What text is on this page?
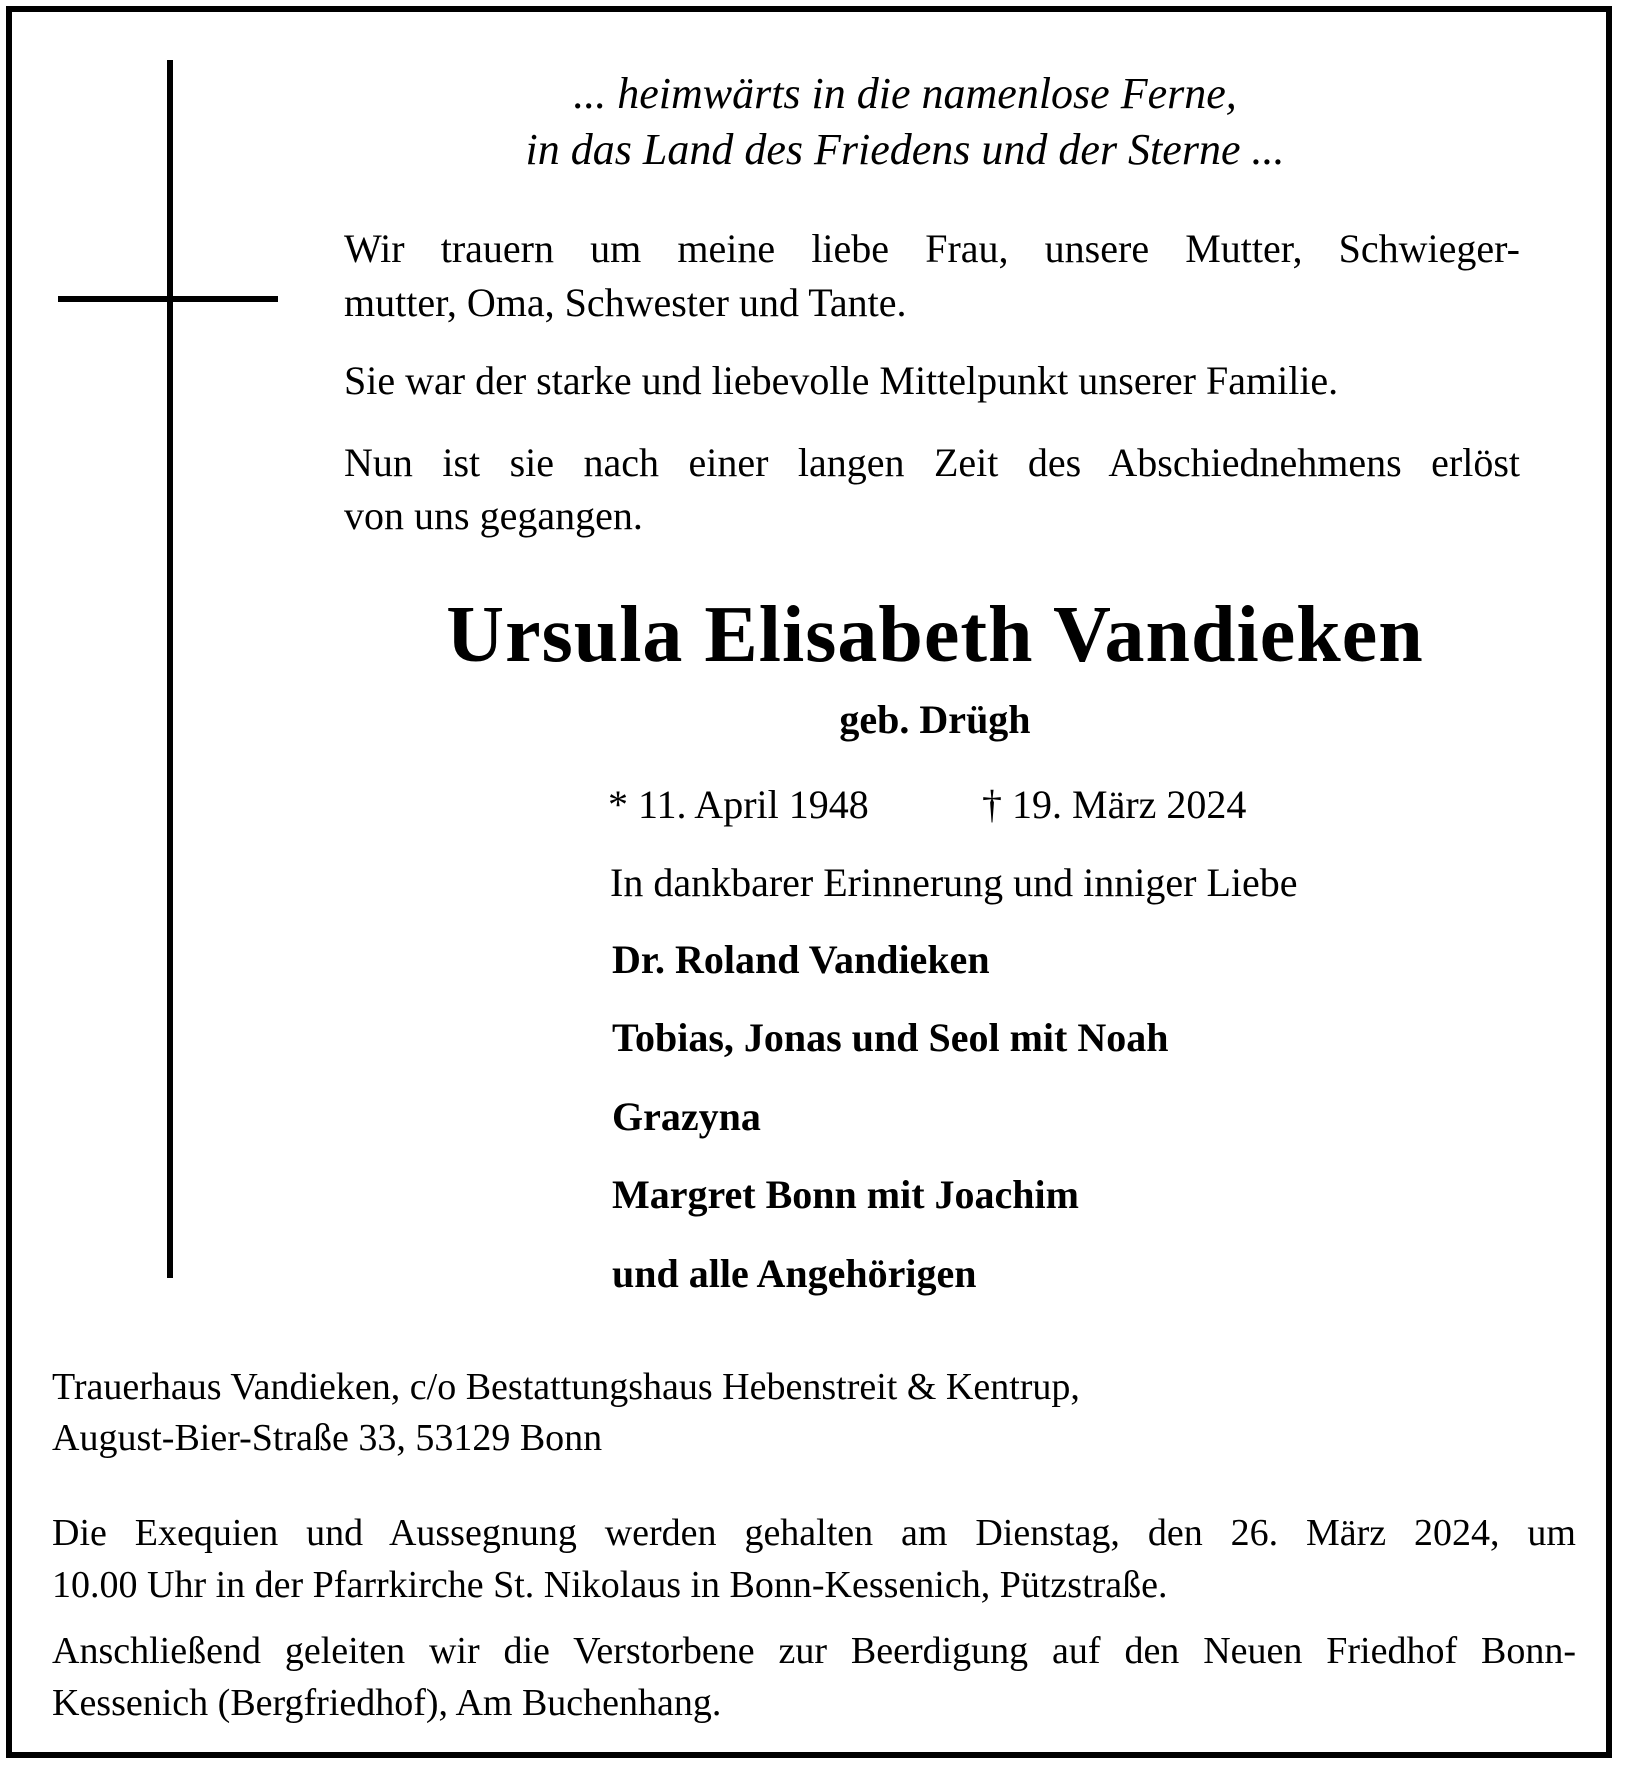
... heimwärts in die namenlose Ferne,

in das Land des Friedens und der Sterne ...

Wir trauern um meine liebe Frau, unsere Mutter, Schwieger-

mutter, Oma, Schwester und Tante.

Sie war der starke und liebevolle Mittelpunkt unserer Familie.

Nun ist sie nach einer langen Zeit des Abschiednehmens erlöst

von uns gegangen.

Ursula Elisabeth Vandieken

geb. Drügh

* 11. April 1948	† 19. März 2024

In dankbarer Erinnerung und inniger Liebe

Dr. Roland Vandieken

Tobias, Jonas und Seol mit Noah

Grazyna

Margret Bonn mit Joachim

und alle Angehörigen

Trauerhaus Vandieken, c/o Bestattungshaus Hebenstreit & Kentrup,

August-Bier-Straße 33, 53129 Bonn

Die Exequien und Aussegnung werden gehalten am Dienstag, den 26. März 2024, um

10.00 Uhr in der Pfarrkirche St. Nikolaus in Bonn-Kessenich, Pützstraße.

Anschließend geleiten wir die Verstorbene zur Beerdigung auf den Neuen Friedhof Bonn-

Kessenich (Bergfriedhof), Am Buchenhang.
